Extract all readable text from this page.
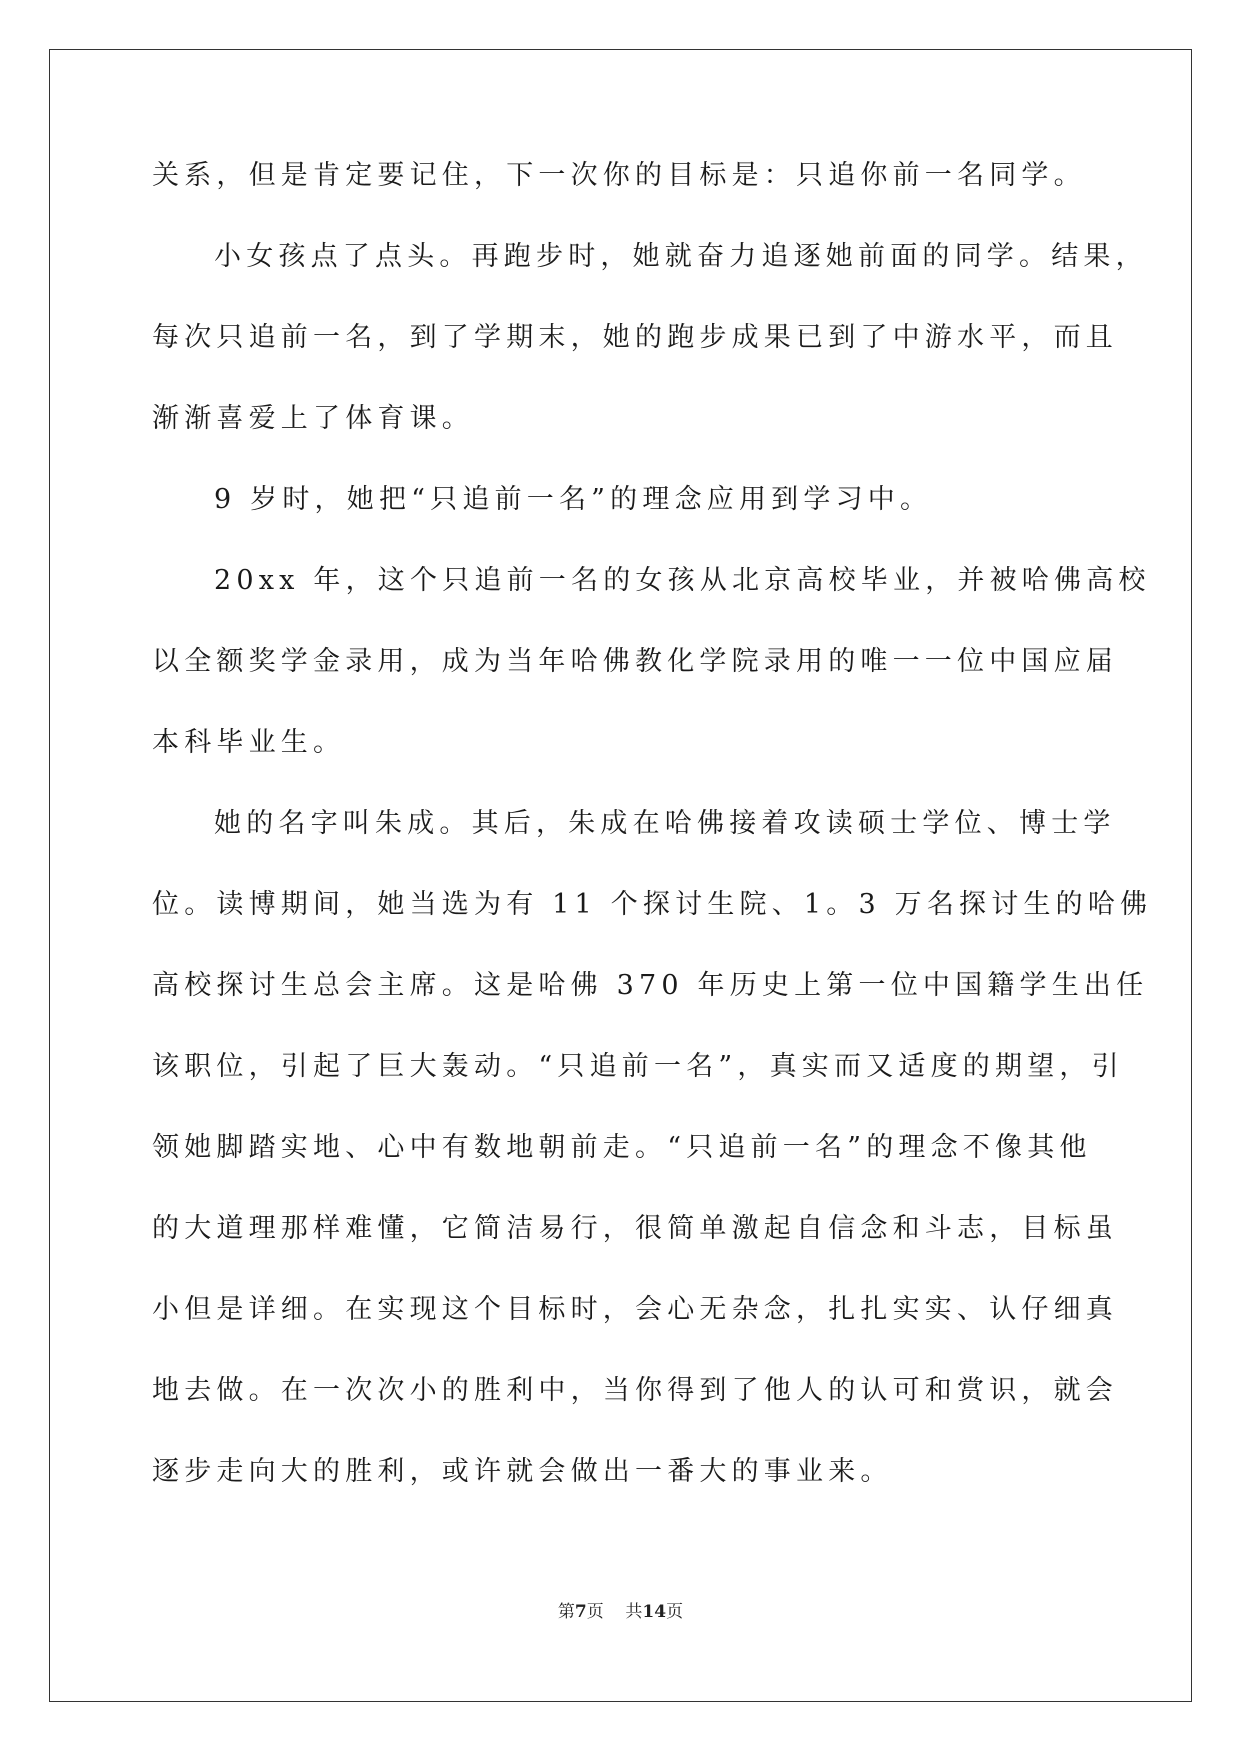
关系，但是肯定要记住，下一次你的目标是：只追你前一名同学。
小女孩点了点头。再跑步时，她就奋力追逐她前面的同学。结果，
每次只追前一名，到了学期末，她的跑步成果已到了中游水平，而且
渐渐喜爱上了体育课。
9 岁时，她把“只追前一名”的理念应用到学习中。
20xx 年，这个只追前一名的女孩从北京高校毕业，并被哈佛高校
以全额奖学金录用，成为当年哈佛教化学院录用的唯一一位中国应届
本科毕业生。
她的名字叫朱成。其后，朱成在哈佛接着攻读硕士学位、博士学
位。读博期间，她当选为有 11 个探讨生院、1。3 万名探讨生的哈佛
高校探讨生总会主席。这是哈佛 370 年历史上第一位中国籍学生出任
该职位，引起了巨大轰动。“只追前一名”，真实而又适度的期望，引
领她脚踏实地、心中有数地朝前走。“只追前一名”的理念不像其他
的大道理那样难懂，它简洁易行，很简单激起自信念和斗志，目标虽
小但是详细。在实现这个目标时，会心无杂念，扎扎实实、认仔细真
地去做。在一次次小的胜利中，当你得到了他人的认可和赏识，就会
逐步走向大的胜利，或许就会做出一番大的事业来。
第7页 共14页
